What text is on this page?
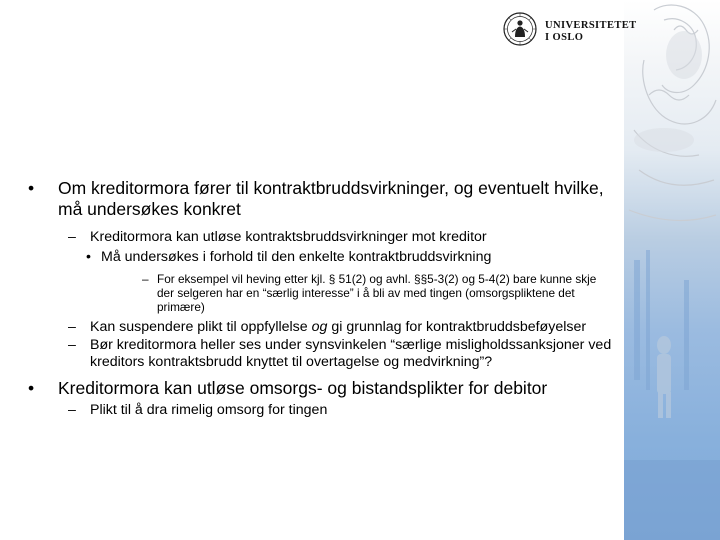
UNIVERSITETET
I OSLO

• Om kreditormora fører til kontraktbruddsvirkninger, og eventuelt hvilke, må undersøkes konkret

– Kreditormora kan utløse kontraktsbruddsvirkninger mot kreditor

• Må undersøkes i forhold til den enkelte kontraktbruddsvirkning

– For eksempel vil heving etter kjl. § 51(2) og avhl. §§5-3(2) og 5-4(2) bare kunne skje der selgeren har en “særlig interesse” i å bli av med tingen (omsorgspliktene det primære)

– Kan suspendere plikt til oppfyllelse og gi grunnlag for kontraktbruddsbeføyelser

– Bør kreditormora heller ses under synsvinkelen “særlige misligholdssanksjoner ved kreditors kontraktsbrudd knyttet til overtagelse og medvirkning”?

• Kreditormora kan utløse omsorgs- og bistandsplikter for debitor

– Plikt til å dra rimelig omsorg for tingen
